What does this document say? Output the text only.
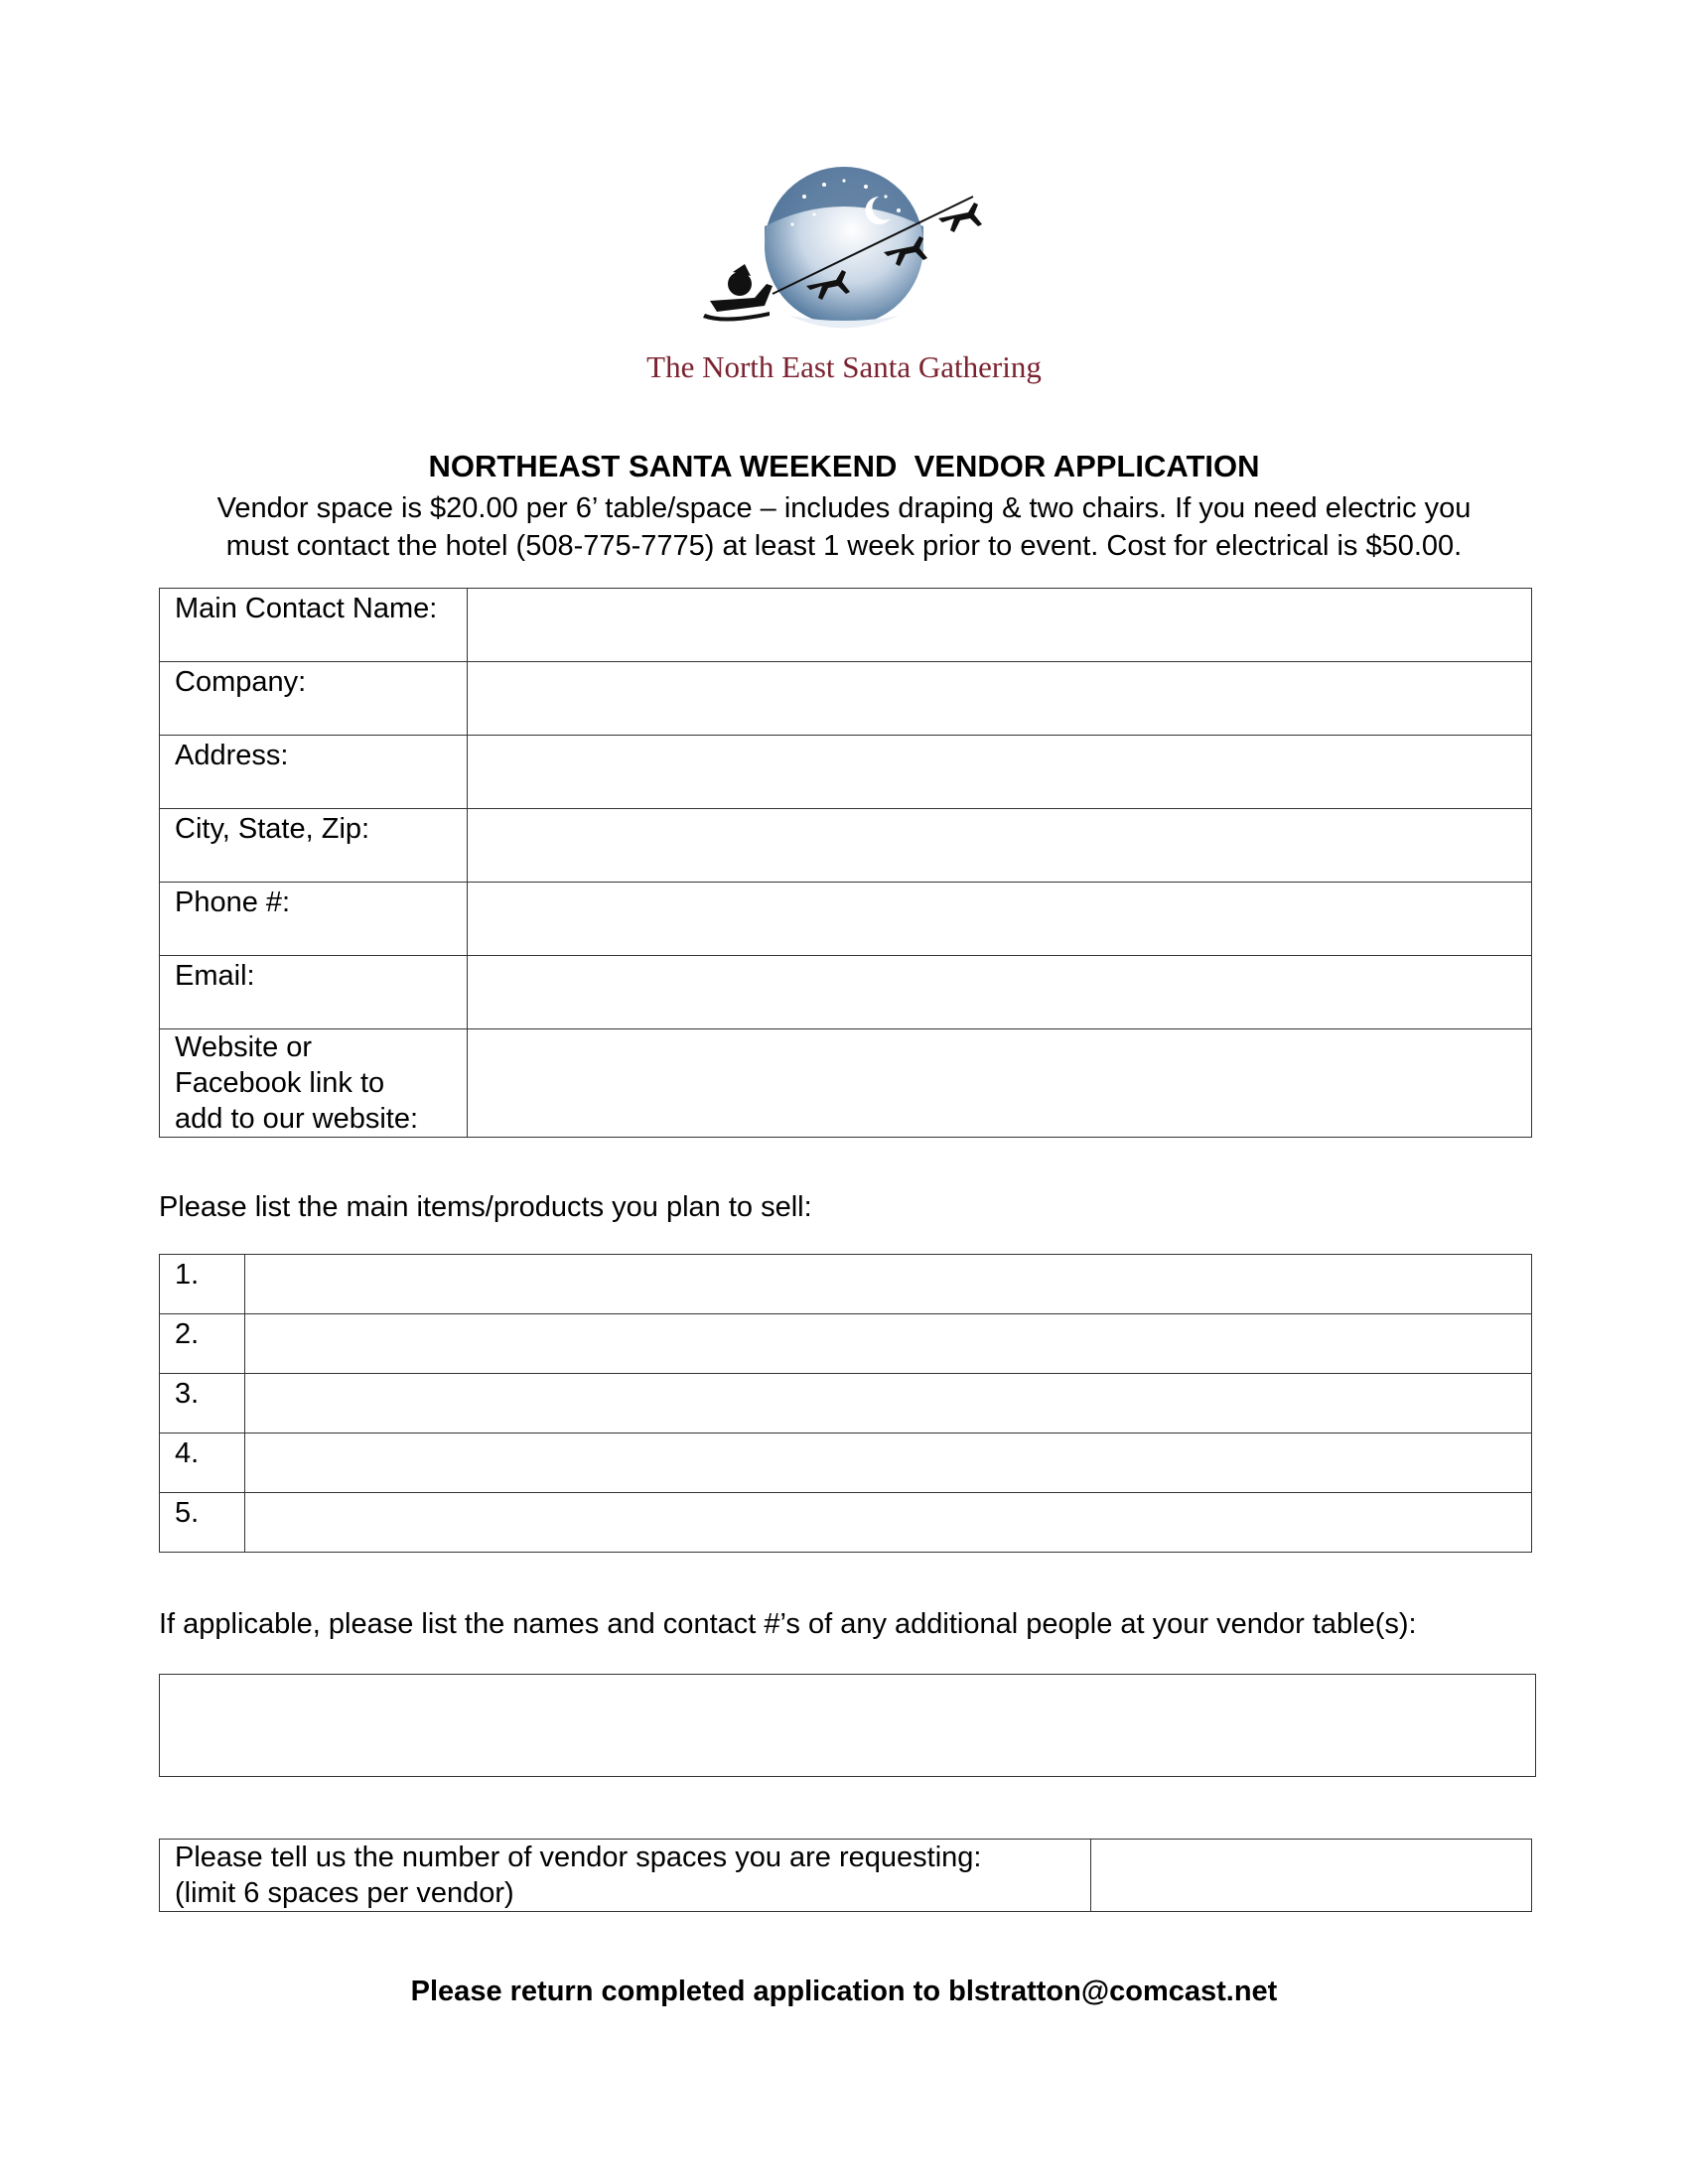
The North East Santa Gathering
NORTHEAST SANTA WEEKEND  VENDOR APPLICATION
Vendor space is $20.00 per 6’ table/space – includes draping & two chairs. If you need electric you
must contact the hotel (508-775-7775) at least 1 week prior to event. Cost for electrical is $50.00.
Main Contact Name:	

Company:	

Address:	

City, State, Zip:	

Phone #:	

Email:	

Website or
Facebook link to
add to our website:	

Please list the main items/products you plan to sell:
1.	

2.	

3.	

4.	

5.	

If applicable, please list the names and contact #’s of any additional people at your vendor table(s):
Please tell us the number of vendor spaces you are requesting:
(limit 6 spaces per vendor)

Please return completed application to blstratton@comcast.net
